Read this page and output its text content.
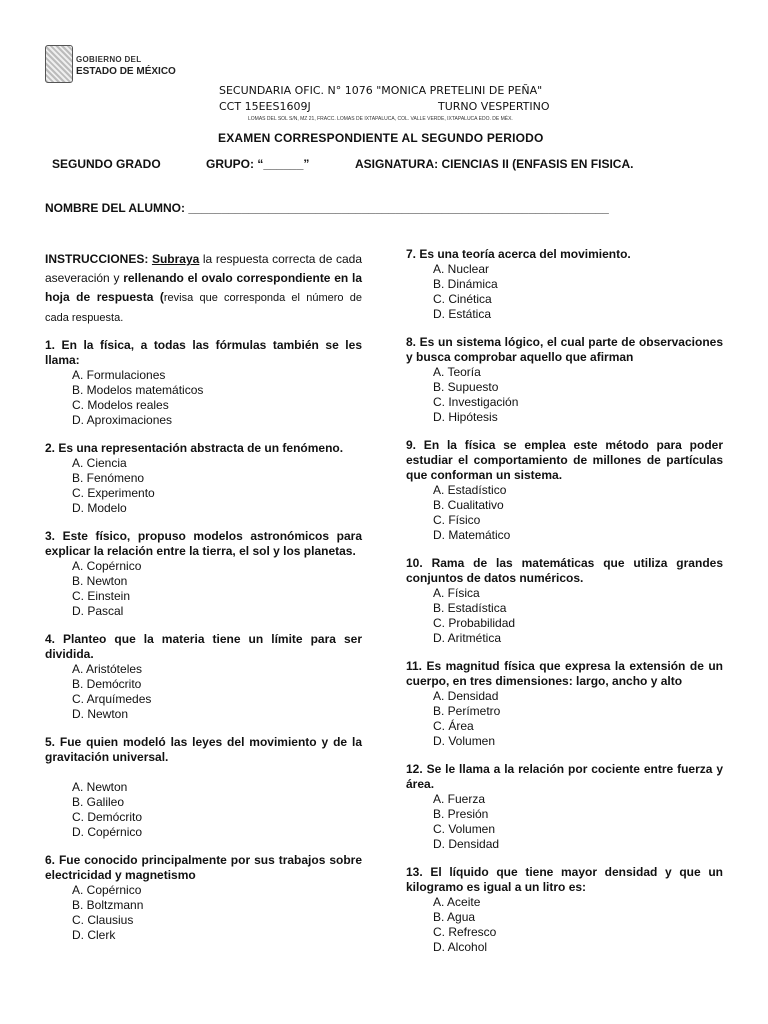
GOBIERNO DEL
ESTADO DE MÉXICO
SECUNDARIA OFIC. N° 1076 "MONICA PRETELINI DE PEÑA"
CCT 15EES1609J	TURNO VESPERTINO
LOMAS DEL SOL S/N, MZ 21, FRACC. LOMAS DE IXTAPALUCA, COL. VALLE VERDE, IXTAPALUCA EDO. DE MÉX.
EXAMEN CORRESPONDIENTE AL SEGUNDO PERIODO
SEGUNDO GRADO	GRUPO: “______”	ASIGNATURA: CIENCIAS II (ENFASIS EN FISICA.
NOMBRE DEL ALUMNO: _______________________________________________________________
INSTRUCCIONES: Subraya la respuesta correcta de cada aseveración y rellenando el ovalo correspondiente en la hoja de respuesta (revisa que corresponda el número de cada respuesta.
1. En la física, a todas las fórmulas también se les llama:
A. Formulaciones
B. Modelos matemáticos
C. Modelos reales
D. Aproximaciones
2. Es una representación abstracta de un fenómeno.
A. Ciencia
B. Fenómeno
C. Experimento
D. Modelo
3. Este físico, propuso modelos astronómicos para explicar la relación entre la tierra, el sol y los planetas.
A. Copérnico
B. Newton
C. Einstein
D. Pascal
4. Planteo que la materia tiene un límite para ser dividida.
A. Aristóteles
B. Demócrito
C. Arquímedes
D. Newton
5. Fue quien modeló las leyes del movimiento y de la gravitación universal.
A. Newton
B. Galileo
C. Demócrito
D. Copérnico
6. Fue conocido principalmente por sus trabajos sobre electricidad y magnetismo
A. Copérnico
B. Boltzmann
C. Clausius
D. Clerk
7. Es una teoría acerca del movimiento.
A. Nuclear
B. Dinámica
C. Cinética
D. Estática
8. Es un sistema lógico, el cual parte de observaciones y busca comprobar aquello que afirman
A. Teoría
B. Supuesto
C. Investigación
D. Hipótesis
9. En la física se emplea este método para poder estudiar el comportamiento de millones de partículas que conforman un sistema.
A. Estadístico
B. Cualitativo
C. Físico
D. Matemático
10. Rama de las matemáticas que utiliza grandes conjuntos de datos numéricos.
A. Física
B. Estadística
C. Probabilidad
D. Aritmética
11. Es magnitud física que expresa la extensión de un cuerpo, en tres dimensiones: largo, ancho y alto
A. Densidad
B. Perímetro
C. Área
D. Volumen
12. Se le llama a la relación por cociente entre fuerza y área.
A. Fuerza
B. Presión
C. Volumen
D. Densidad
13. El líquido que tiene mayor densidad y que un kilogramo es igual a un litro es:
A. Aceite
B. Agua
C. Refresco
D. Alcohol
